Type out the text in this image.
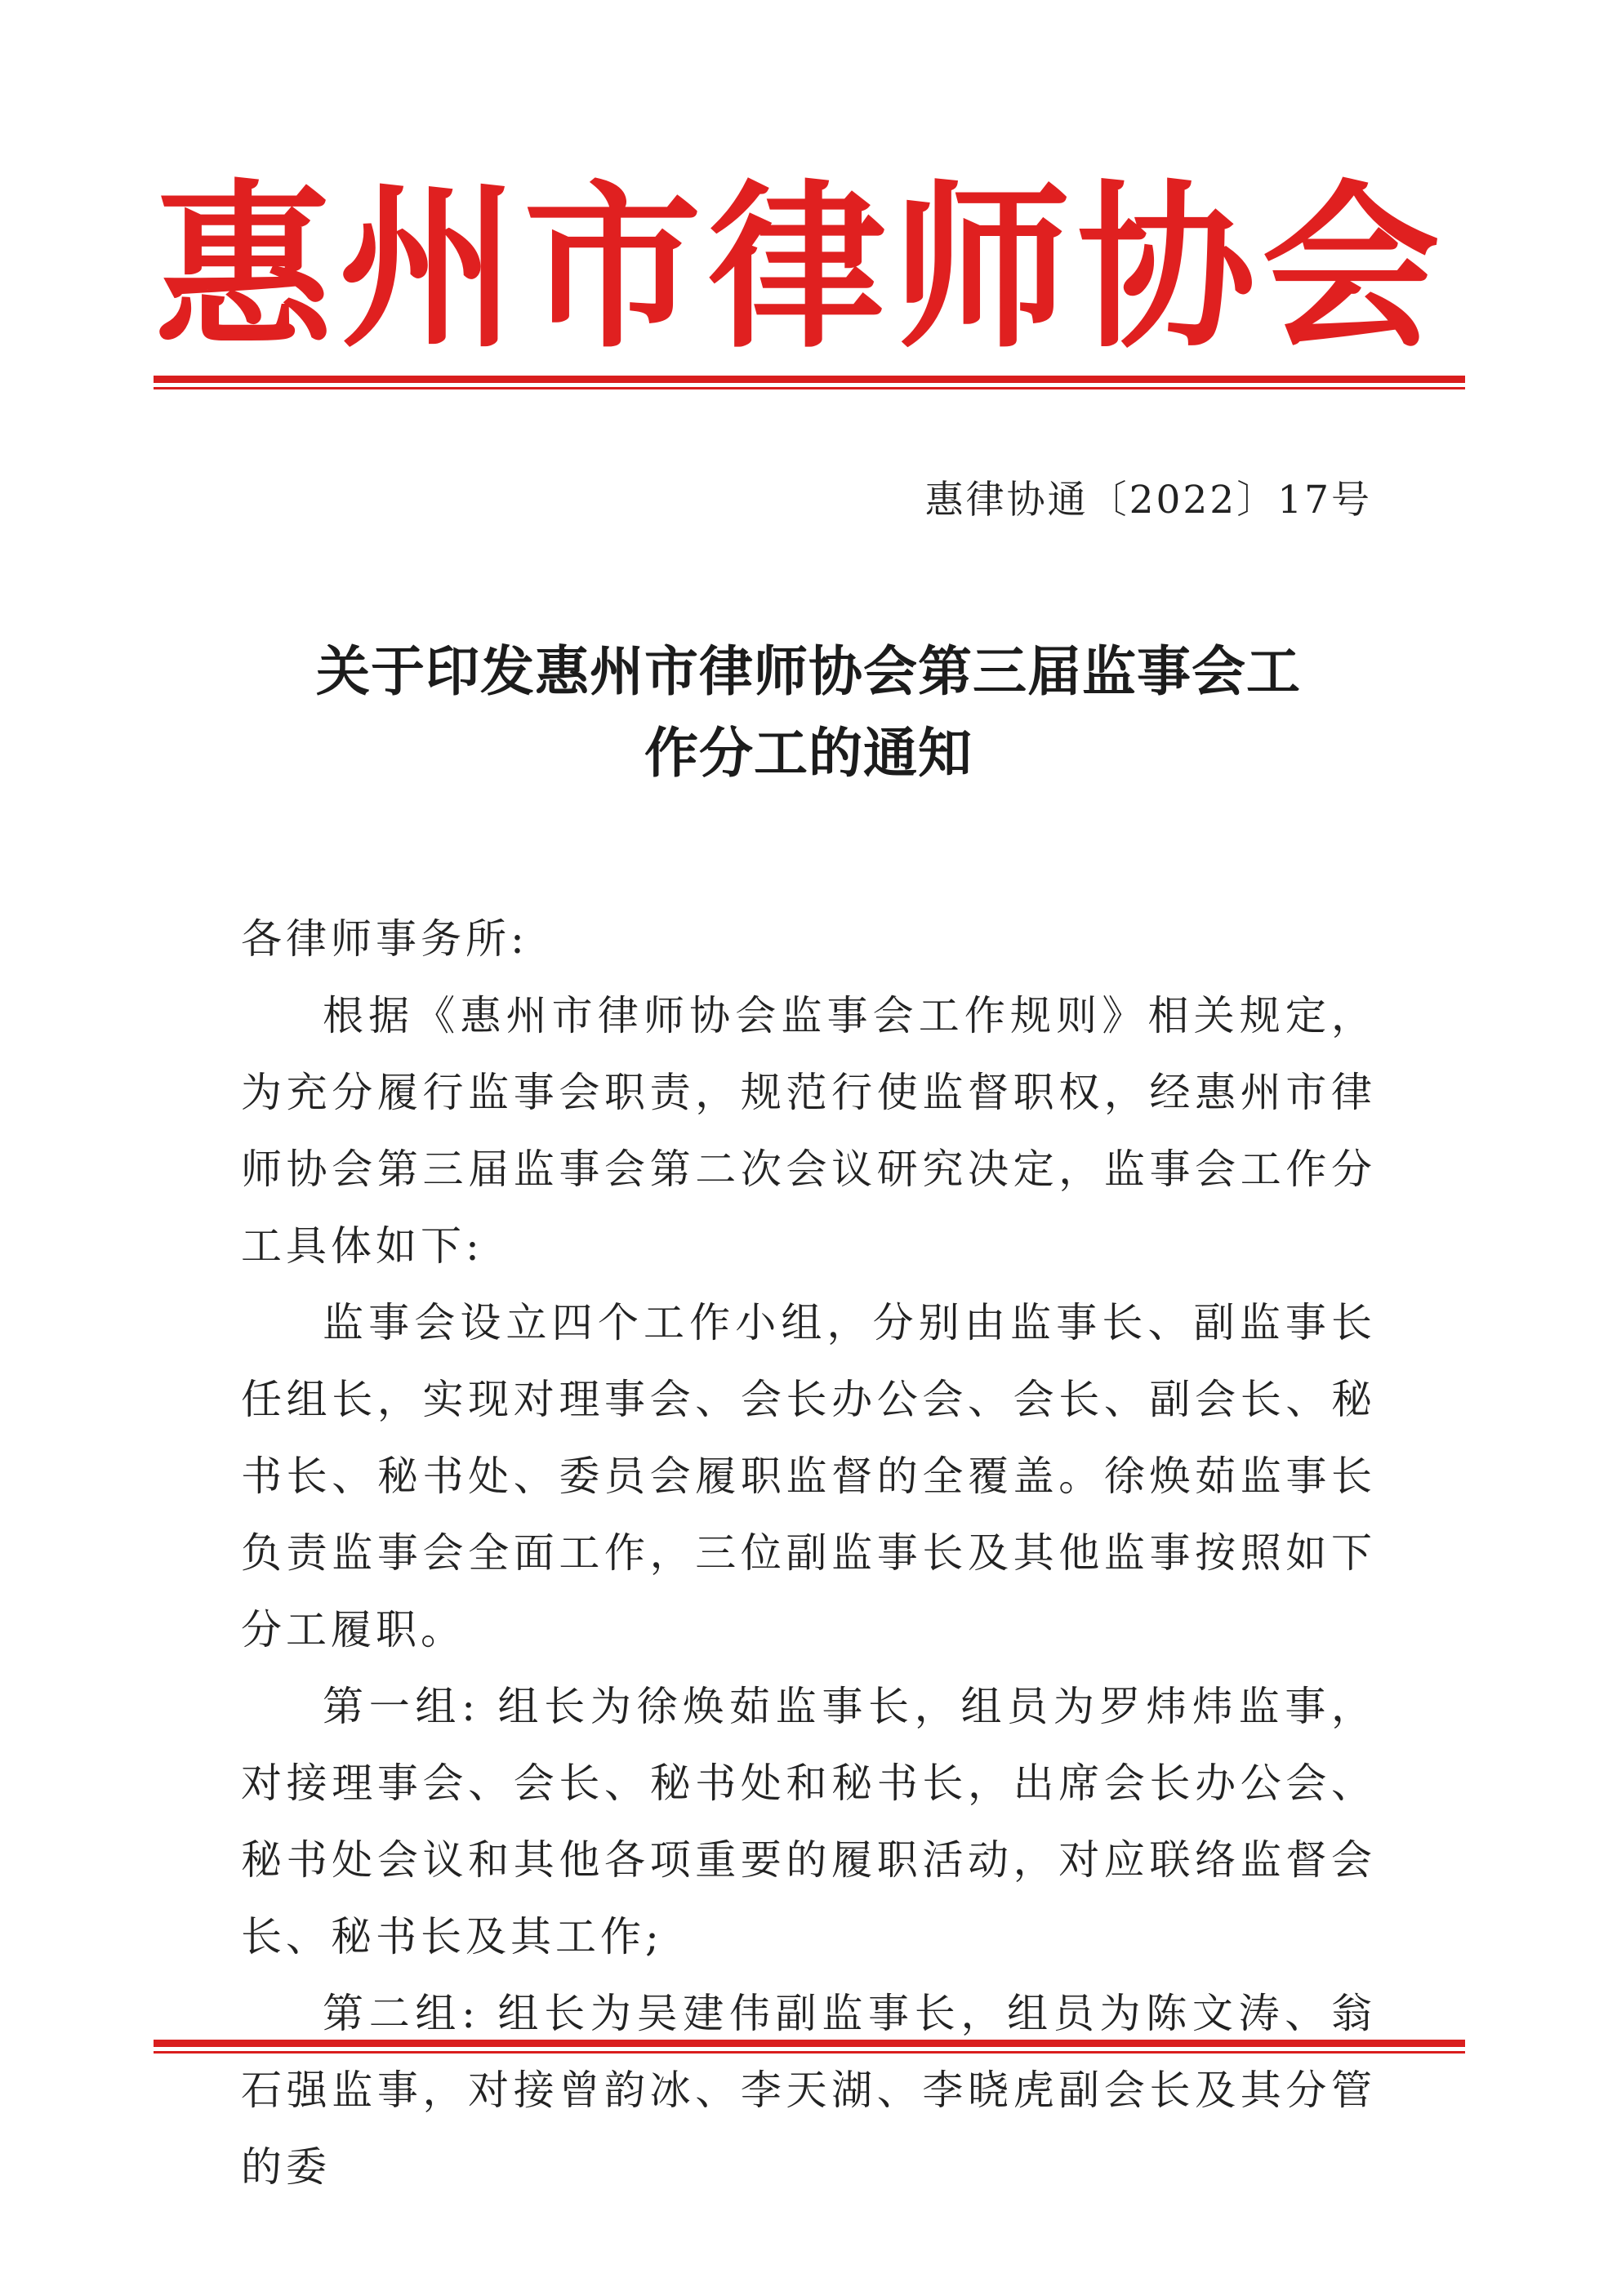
惠州市律师协会
惠律协通〔2022〕17号
关于印发惠州市律师协会第三届监事会工
作分工的通知

各律师事务所:

根据《惠州市律师协会监事会工作规则》相关规定，为充分履行监事会职责，规范行使监督职权，经惠州市律师协会第三届监事会第二次会议研究决定，监事会工作分工具体如下:

监事会设立四个工作小组，分别由监事长、副监事长任组长，实现对理事会、会长办公会、会长、副会长、秘书长、秘书处、委员会履职监督的全覆盖。徐焕茹监事长负责监事会全面工作，三位副监事长及其他监事按照如下分工履职。

第一组: 组长为徐焕茹监事长，组员为罗炜炜监事，对接理事会、会长、秘书处和秘书长，出席会长办公会、秘书处会议和其他各项重要的履职活动，对应联络监督会长、秘书长及其工作;

第二组: 组长为吴建伟副监事长，组员为陈文涛、翁石强监事，对接曾韵冰、李天湖、李晓虎副会长及其分管的委
